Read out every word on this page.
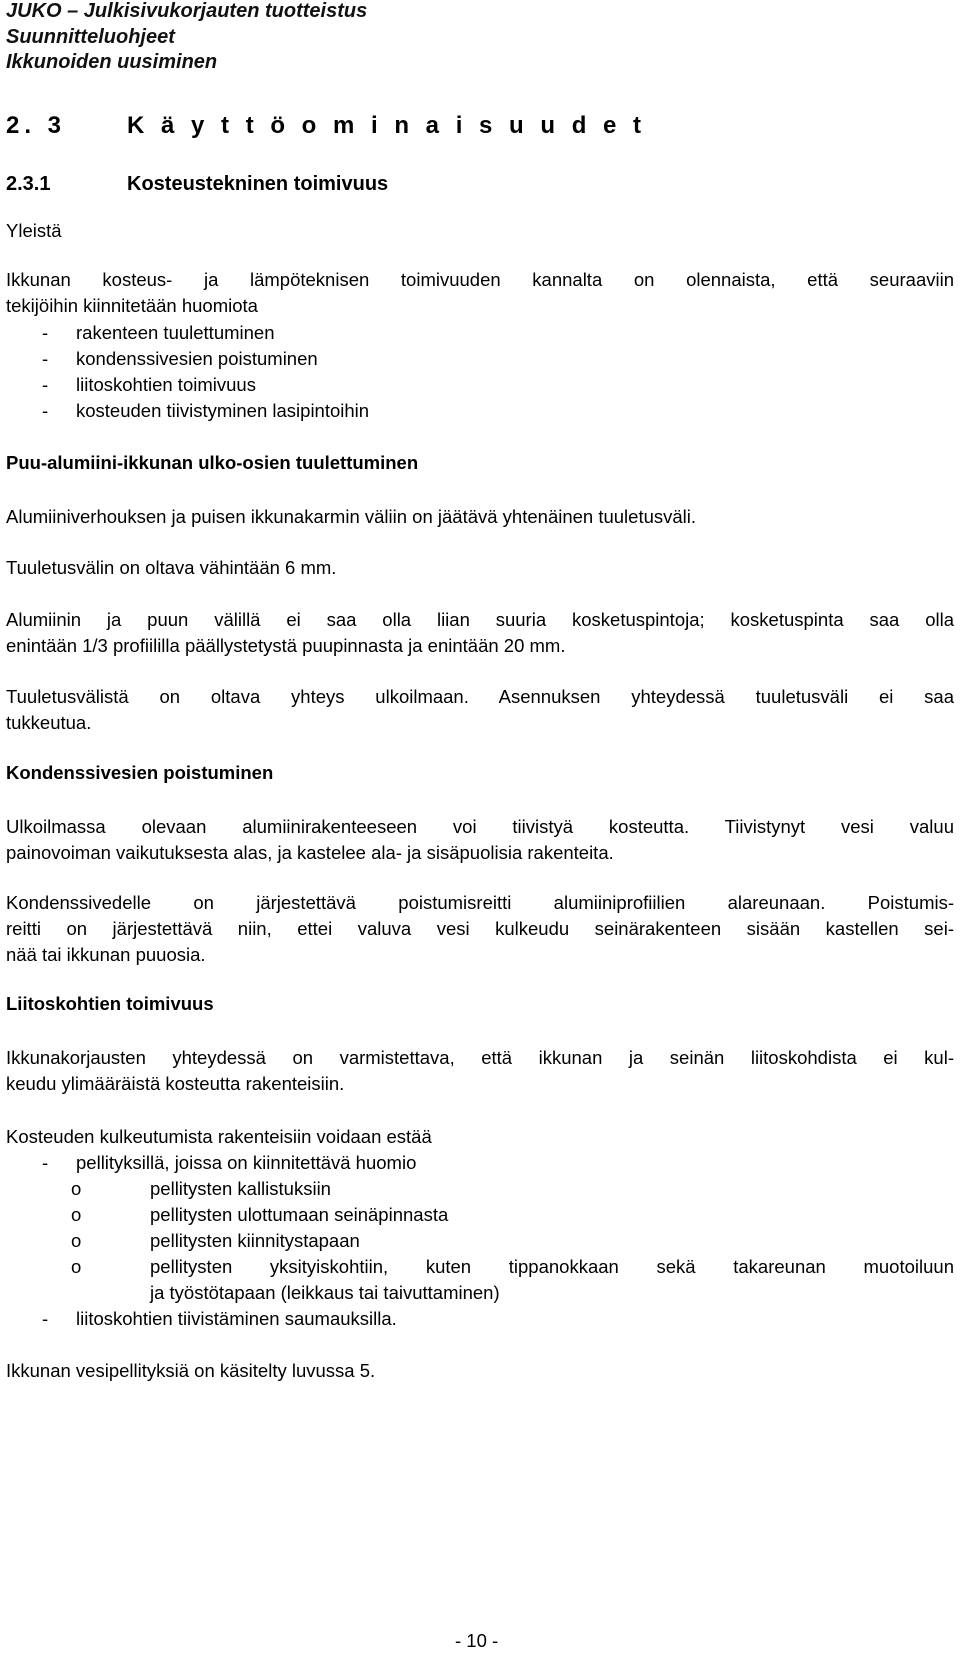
JUKO – Julkisivukorjauten tuotteistus
Suunnitteluohjeet
Ikkunoiden uusiminen
2. 3	K ä y t t ö o m i n a i s u u d e t
2.3.1	Kosteustekninen toimivuus
Yleistä
Ikkunan kosteus- ja lämpöteknisen toimivuuden kannalta on olennaista, että seuraaviin
tekijöihin kiinnitetään huomiota
- rakenteen tuulettuminen
- kondenssivesien poistuminen
- liitoskohtien toimivuus
- kosteuden tiivistyminen lasipintoihin
Puu-alumiini-ikkunan ulko-osien tuulettuminen
Alumiiniverhouksen ja puisen ikkunakarmin väliin on jäätävä yhtenäinen tuuletusväli.
Tuuletusvälin on oltava vähintään 6 mm.
Alumiinin ja puun välillä ei saa olla liian suuria kosketuspintoja; kosketuspinta saa olla
enintään 1/3 profiililla päällystetystä puupinnasta ja enintään 20 mm.
Tuuletusvälistä on oltava yhteys ulkoilmaan. Asennuksen yhteydessä tuuletusväli ei saa
tukkeutua.
Kondenssivesien poistuminen
Ulkoilmassa olevaan alumiinirakenteeseen voi tiivistyä kosteutta. Tiivistynyt vesi valuu
painovoiman vaikutuksesta alas, ja kastelee ala- ja sisäpuolisia rakenteita.
Kondenssivedelle on järjestettävä poistumisreitti alumiiniprofiilien alareunaan. Poistumis-
reitti on järjestettävä niin, ettei valuva vesi kulkeudu seinärakenteen sisään kastellen sei-
nää tai ikkunan puuosia.
Liitoskohtien toimivuus
Ikkunakorjausten yhteydessä on varmistettava, että ikkunan ja seinän liitoskohdista ei kul-
keudu ylimääräistä kosteutta rakenteisiin.
Kosteuden kulkeutumista rakenteisiin voidaan estää
- pellityksillä, joissa on kiinnitettävä huomio
o	pellitysten kallistuksiin
o	pellitysten ulottumaan seinäpinnasta
o	pellitysten kiinnitystapaan
o	pellitysten yksityiskohtiin, kuten tippanokkaan sekä takareunan muotoiluun
ja työstötapaan (leikkaus tai taivuttaminen)
- liitoskohtien tiivistäminen saumauksilla.
Ikkunan vesipellityksiä on käsitelty luvussa 5.
- 10 -
